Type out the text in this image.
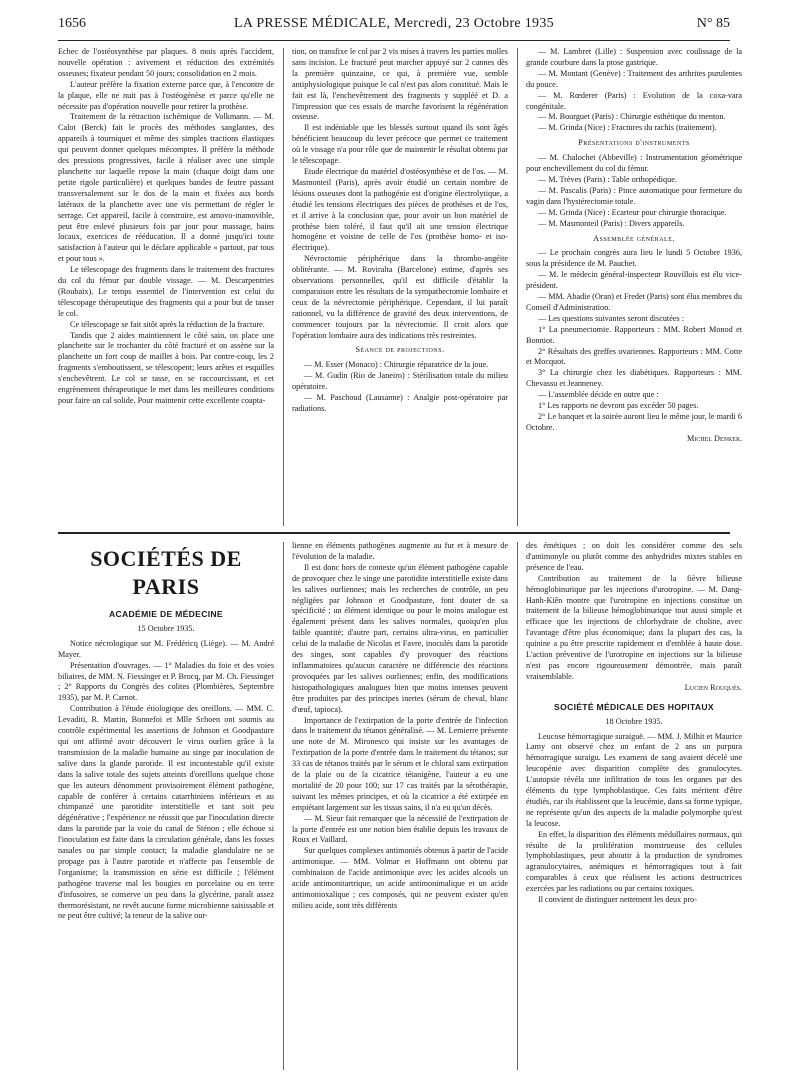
1656	LA PRESSE MÉDICALE, Mercredi, 23 Octobre 1935	N° 85

Echec de l'ostéosynthèse par plaques. 8 mois après l'accident, nouvelle opération : avivement et réduction des extrémités osseuses; fixateur pendant 50 jours; consolidation en 2 mois.

L'auteur préfère la fixation externe parce que, à l'encontre de la plaque, elle ne nuit pas à l'ostéogénèse et parce qu'elle ne nécessite pas d'opération nouvelle pour retirer la prothèse.

Traitement de la rétraction ischémique de Volkmann. — M. Calot (Berck) fait le procès des méthodes sanglantes, des appareils à tourniquet et même des simples tractions élastiques qui peuvent donner quelques mécomptes. Il préfère la méthode des pressions progressives, facile à réaliser avec une simple planchette sur laquelle repose la main (chaque doigt dans une petite rigole particulière) et quelques bandes de feutre passant transversalement sur le dos de la main et fixées aux bords latéraux de la planchette avec une vis permettant de régler le serrage. Cet appareil, facile à construire, est amovo-inamovible, peut être enlevé plusieurs fois par jour pour massage, bains locaux, exercices de rééducation. Il a donné jusqu'ici toute satisfaction à l'auteur qui le déclare applicable « partout, par tous et pour tous ».

Le télescopage des fragments dans le traitement des fractures du col du fémur par double vissage. — M. Descarpentries (Roubaix). Le temps essentiel de l'intervention est celui du télescopage thérapeutique des fragments qui a pour but de tasser le col.

Ce télescopage se fait sitôt après la réduction de la fracture.

Tandis que 2 aides maintiennent le côté sain, on place une planchette sur le trochanter du côté fracturé et on assène sur la planchette un fort coup de maillet à bois. Par contre-coup, les 2 fragments s'emboutissent, se télescopent; leurs arêtes et esquilles s'enchevêtrent. Le col se tasse, en se raccourcissant, et cet engrènement thérapeutique le met dans les meilleures conditions pour faire un cal solide. Pour maintenir cette excellente coapta-

tion, on transfixe le col par 2 vis mises à travers les parties molles sans incision. Le fracturé peut marcher appuyé sur 2 cannes dès la première quinzaine, ce qui, à première vue, semble antiphysiologique puisque le cal n'est pas alors constitué. Mais le fait est là, l'enchevêtrement des fragments y suppléé et D. a l'impression que ces essais de marche favorisent la régénération osseuse.

Il est indéniable que les blessés surtout quand ils sont âgés bénéficient beaucoup du lever précoce que permet ce traitement où le vissage n'a pour rôle que de maintenir le résultat obtenu par le télescopage.

Etude électrique du matériel d'ostéosynthèse et de l'os. — M. Masmonteil (Paris), après avoir étudié un certain nombre de lésions osseuses dont la pathogénie est d'origine électrolytique, a étudié les tensions électriques des pièces de prothèses et de l'os, et il arrive à la conclusion que, pour avoir un bon matériel de prothèse bien toléré, il faut qu'il ait une tension électrique homogène et voisine de celle de l'os (prothèse homo- et iso-électrique).

Névroctomie périphérique dans la thrombo-angéite oblitérante. — M. Roviralta (Barcelone) estime, d'après ses observations personnelles, qu'il est difficile d'établir la comparaison entre les résultats de la sympathectomie lombaire et ceux de la névrectomie périphérique. Cependant, il lui paraît rationnel, vu la différence de gravité des deux interventions, de commencer toujours par la névrectomie. Il croit alors que l'opération lombaire aura des indications très restreintes.

Séance de projections.

— M. Esser (Monaco) : Chirurgie réparatrice de la joue.

— M. Gudin (Rio de Janeiro) : Stérilisation totale du milieu opératoire.

— M. Paschoud (Lausanne) : Analgie post-opératoire par radiations.

— M. Lambret (Lille) : Suspension avec coulissage de la grande courbure dans la ptose gastrique.

— M. Montant (Genève) : Traitement des arthrites purulentes du pouce.

— M. Rœderer (Paris) : Evolution de la coxa-vara congénitale.

— M. Bourguet (Paris) : Chirurgie esthétique du menton.

— M. Grinda (Nice) : Fractures du rachis (traitement).

Présentations d'instruments

— M. Chalochet (Abbeville) : Instrumentation géométrique pour enchevillement du col du fémur.

— M. Trèves (Paris) : Table orthopédique.

— M. Pascalis (Paris) : Pince automatique pour fermeture du vagin dans l'hystérectomie totale.

— M. Grinda (Nice) : Ecarteur pour chirurgie thoracique.

— M. Masmonteil (Paris) : Divers appareils.

Assemblée générale.

— Le prochain congrès aura lieu le lundi 5 Octobre 1936, sous la présidence de M. Pauchet.

— M. le médecin général-inspecteur Rouvillois est élu vice-président.

— MM. Abadie (Oran) et Fredet (Paris) sont élus membres du Conseil d'Administration.

— Les questions suivantes seront discutées :

1° La pneumectomie. Rapporteurs : MM. Robert Monod et Bonniot.

2° Résultats des greffes ovariennes. Rapporteurs : MM. Cotte et Mocquot.

3° La chirurgie chez les diabétiques. Rapporteurs : MM. Chevassu et Jeanneney.

— L'assemblée décide en outre que :

1° Les rapports ne devront pas excéder 50 pages.

2° Le banquet et la soirée auront lieu le même jour, le mardi 6 Octobre.

Michel Denker.

SOCIÉTÉS DE PARIS

ACADÉMIE DE MÉDECINE

15 Octobre 1935.

Notice nécrologique sur M. Frédéricq (Liège). — M. André Mayer.

Présentation d'ouvrages. — 1° Maladies du foie et des voies biliaires, de MM. N. Fiessinger et P. Brocq, par M. Ch. Fiessinger ; 2° Rapports du Congrès des colites (Plombières, Septembre 1935), par M. P. Carnot.

Contribution à l'étude étiologique des oreillons. — MM. C. Levaditi, R. Martin, Bonnefoi et Mlle Schoen ont soumis au contrôle expérimental les assertions de Johnson et Goodpasture qui ont affirmé avoir découvert le virus ourlien grâce à la transmission de la maladie humaine au singe par inoculation de salive dans la glande parotide. Il est incontestable qu'il existe dans la salive totale des sujets atteints d'oreillons quelque chose que les auteurs dénomment provisoirement élément pathogène, capable de conférer à certains catarrhiniens inférieurs et au chimpanzé une parotidite interstitielle et tant soit peu dégénérative ; l'expérience ne réussit que par l'inoculation directe dans la parotide par la voie du canal de Sténon ; elle échoue si l'inoculation est faite dans la circulation générale, dans les fosses nasales ou par simple contact; la maladie glandulaire ne se propage pas à l'autre parotide et n'affecte pas l'ensemble de l'organisme; la transmission en série est difficile ; l'élément pathogène traverse mal les bougies en porcelaine ou en terre d'infusoires, se conserve un peu dans la glycérine, paraît assez thermorésistant, ne revêt aucune forme microbienne saisissable et ne peut être cultivé; la teneur de la salive our-

lienne en éléments pathogènes augmente au fur et à mesure de l'évolution de la maladie.

Il est donc hors de conteste qu'un élément pathogène capable de provoquer chez le singe une parotidite interstitielle existe dans les salives ourliennes; mais les recherches de contrôle, un peu négligées par Johnson et Goodpasture, font douter de sa spécificité ; un élément identique ou pour le moins analogue est également présent dans les salives normales, quoiqu'en plus faible quantité; d'autre part, certains ultra-virus, en particulier celui de la maladie de Nicolas et Favre, inoculés dans la parotide des singes, sont capables d'y provoquer des réactions inflammatoires qu'aucun caractère ne différencie des réactions provoquées par les salives ourliennes; enfin, des modifications histopathologiques analogues bien que moins intenses peuvent être produites par des principes inertes (sérum de cheval, blanc d'œuf, tapioca).

Importance de l'extirpation de la porte d'entrée de l'infection dans le traitement du tétanos généralisé. — M. Lemierre présente une note de M. Mironesco qui insiste sur les avantages de l'extirpation de la porte d'entrée dans le traitement du tétanos; sur 33 cas de tétanos traités par le sérum et le chloral sans extirpation de la plaie ou de la cicatrice tétanigène, l'auteur a eu une mortalité de 20 pour 100; sur 17 cas traités par la sérothérapie, suivant les mêmes principes, et où la cicatrice a été extirpée en empiétant largement sur les tissus sains, il n'a eu qu'un décès.

— M. Sieur fait remarquer que la nécessité de l'extirpation de la porte d'entrée est une notion bien établie depuis les travaux de Roux et Vaillard.

Sur quelques complexes antimoniés obtenus à partir de l'acide antimonique. — MM. Volmar et Hoffmann ont obtenu par combinaison de l'acide antimonique avec les acides alcools un acide antimonitartrique, un acide antimonimalique et un acide antimonioxalique ; ces composés, qui ne peuvent exister qu'en milieu acide, sont très différents

des émétiques ; on doit les considérer comme des sels d'antimonyle ou plutôt comme des anhydrides mixtes stables en présence de l'eau.

Contribution au traitement de la fièvre bilieuse hémoglobinurique par les injections d'urotropine. — M. Dang-Hanh-Kiên montre que l'urotropine en injections constitue un traitement de la bilieuse hémoglobinurique tout aussi simple et efficace que les injections de chlorhydrate de choline, avec l'avantage d'être plus économique; dans la plupart des cas, la quinine a pu être prescrite rapidement et d'emblée à haute dose. L'action préventive de l'urotropine en injections sur la bilieuse n'est pas encore rigoureusement démontrée, mais paraît vraisemblable.

Lucien Rouquès.

SOCIÉTÉ MÉDICALE DES HOPITAUX

18 Octobre 1935.

Leucose hémorragique suraiguë. — MM. J. Milhit et Maurice Lamy ont observé chez un enfant de 2 ans un purpura hémorragique suraigu. Les examens de sang avaient décelé une leucopénie avec disparition complète des granulocytes. L'autopsie révéla une infiltration de tous les organes par des éléments du type lymphoblastique. Ces faits méritent d'être étudiés, car ils établissent que la leucémie, dans sa forme typique, ne représente qu'un des aspects de la maladie polymorphe qu'est la leucose.

En effet, la disparition des éléments médullaires normaux, qui résulte de la prolifération monstrueuse des cellules lymphoblastiques, peut aboutir à la production de syndromes agranulocytaires, anémiques et hémorragiques tout à fait comparables à ceux que réalisent les actions destructrices exercées par les radiations ou par certains toxiques.

Il convient de distinguer nettement les deux pro-
